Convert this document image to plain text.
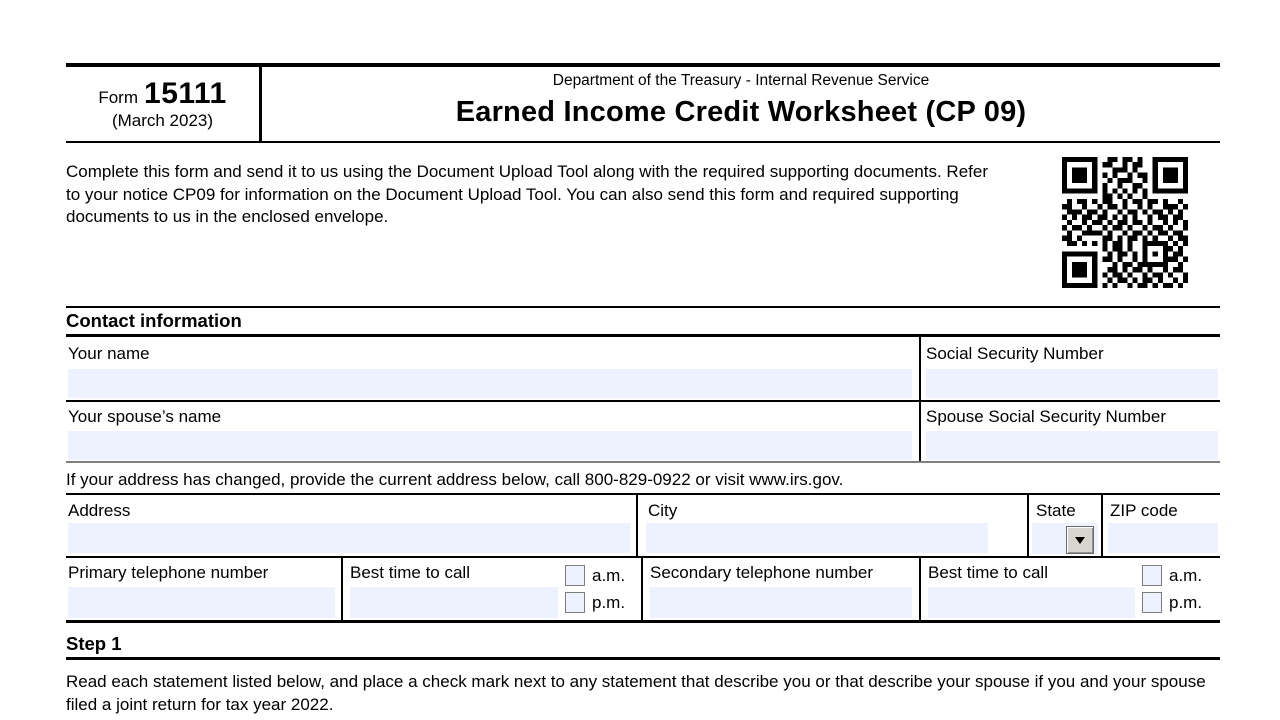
Form 15111
(March 2023)
Department of the Treasury - Internal Revenue Service
Earned Income Credit Worksheet (CP 09)
Complete this form and send it to us using the Document Upload Tool along with the required supporting documents. Refer to your notice CP09 for information on the Document Upload Tool. You can also send this form and required supporting documents to us in the enclosed envelope.
Contact information
Your name	Social Security Number
Your spouse’s name	Spouse Social Security Number
If your address has changed, provide the current address below, call 800-829-0922 or visit www.irs.gov.
Address	City	State ZIP code
Primary telephone number	Best time to call	a.m.
p.m.
Secondary telephone number	Best time to call	a.m.
p.m.
Step 1
Read each statement listed below, and place a check mark next to any statement that describe you or that describe your spouse if you and your spouse filed a joint return for tax year 2022.
